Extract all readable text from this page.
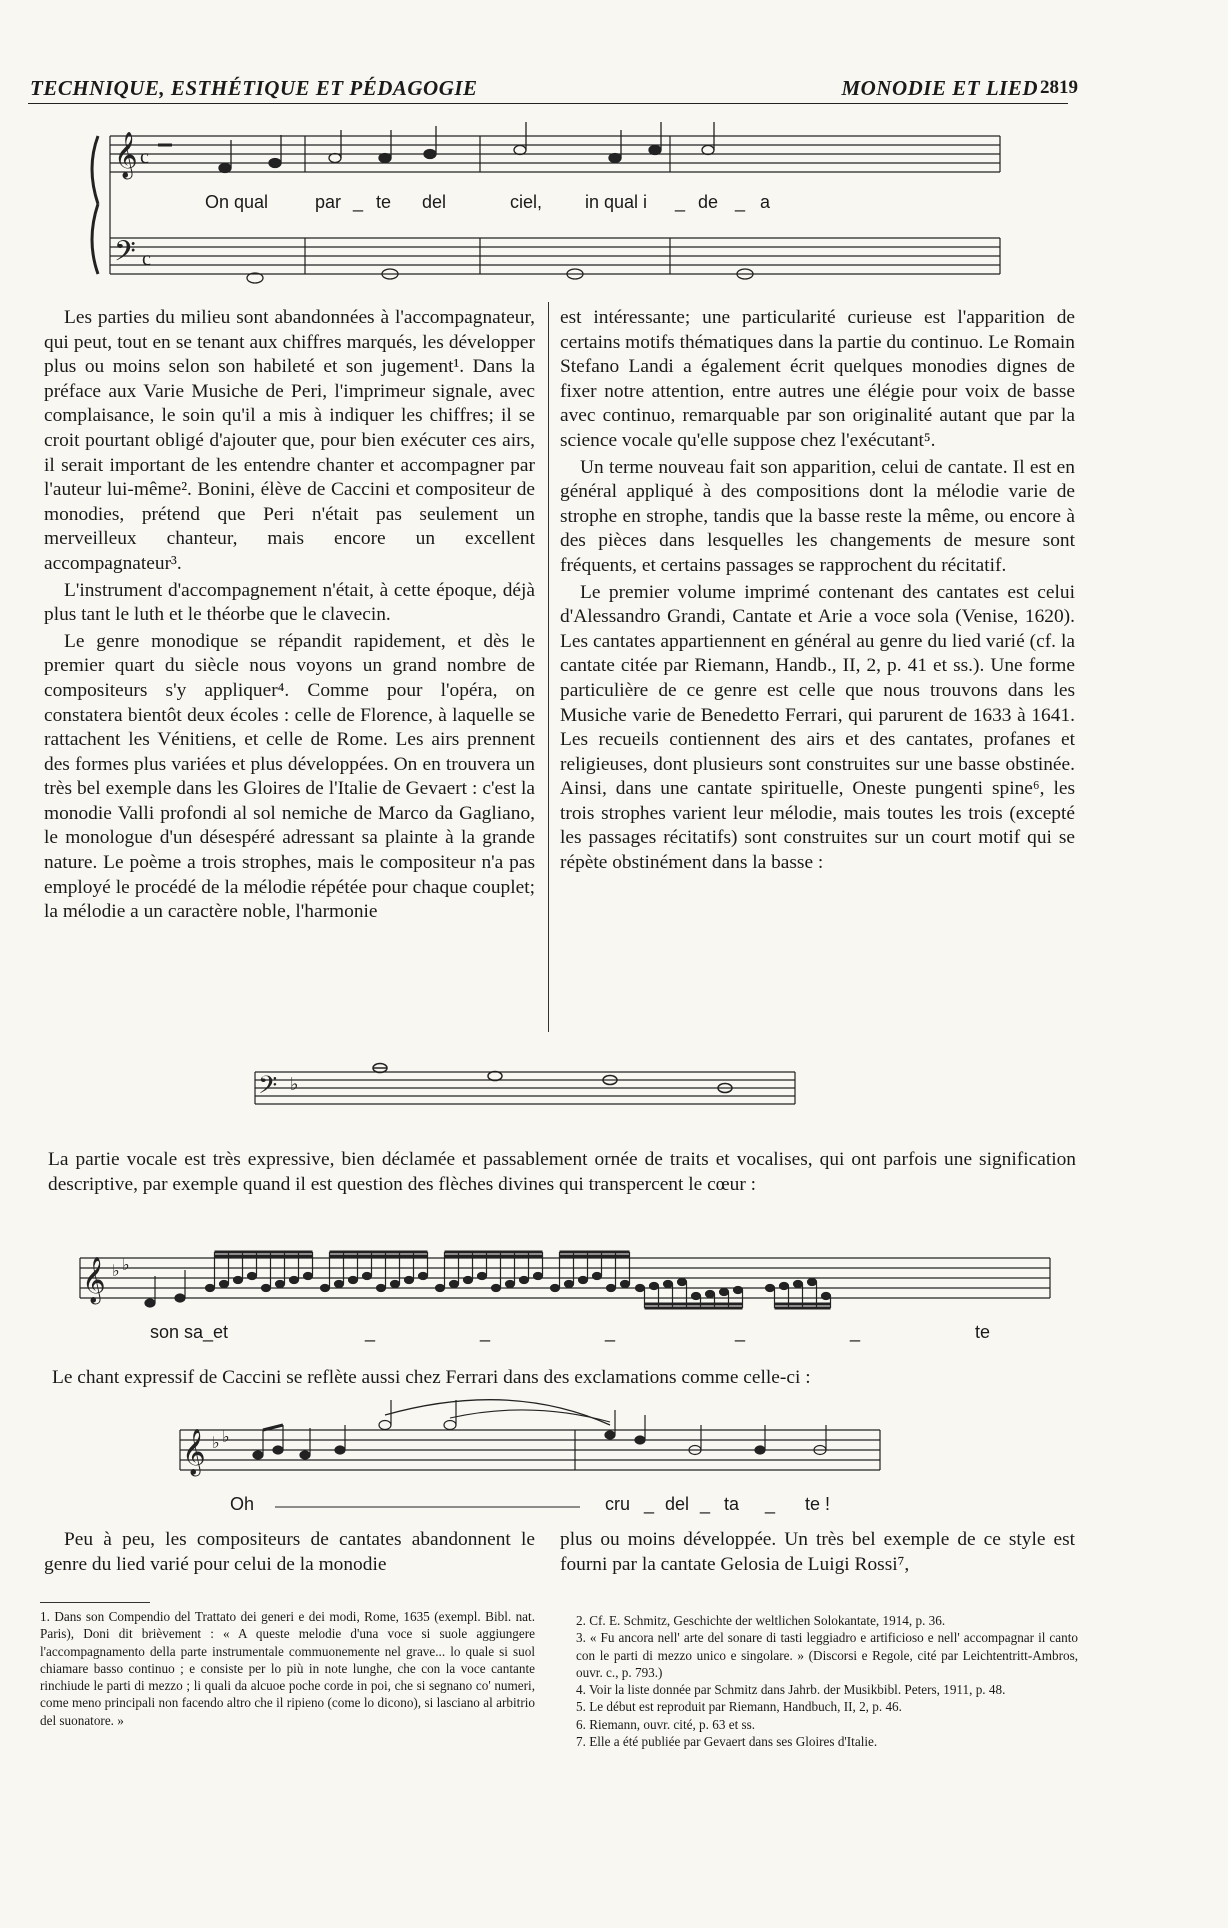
TECHNIQUE, ESTHÉTIQUE ET PÉDAGOGIE	MONODIE ET LIED 2819
𝄞 c
𝄢 c
On qual	par _ te del	ciel, in qual i _ de _ a

Les parties du milieu sont abandonnées à l'accompagnateur, qui peut, tout en se tenant aux chiffres marqués, les développer plus ou moins selon son habileté et son jugement¹. Dans la préface aux Varie Musiche de Peri, l'imprimeur signale, avec complaisance, le soin qu'il a mis à indiquer les chiffres; il se croit pourtant obligé d'ajouter que, pour bien exécuter ces airs, il serait important de les entendre chanter et accompagner par l'auteur lui-même². Bonini, élève de Caccini et compositeur de monodies, prétend que Peri n'était pas seulement un merveilleux chanteur, mais encore un excellent accompagnateur³.

L'instrument d'accompagnement n'était, à cette époque, déjà plus tant le luth et le théorbe que le clavecin.

Le genre monodique se répandit rapidement, et dès le premier quart du siècle nous voyons un grand nombre de compositeurs s'y appliquer⁴. Comme pour l'opéra, on constatera bientôt deux écoles : celle de Florence, à laquelle se rattachent les Vénitiens, et celle de Rome. Les airs prennent des formes plus variées et plus développées. On en trouvera un très bel exemple dans les Gloires de l'Italie de Gevaert : c'est la monodie Valli profondi al sol nemiche de Marco da Gagliano, le monologue d'un désespéré adressant sa plainte à la grande nature. Le poème a trois strophes, mais le compositeur n'a pas employé le procédé de la mélodie répétée pour chaque couplet; la mélodie a un caractère noble, l'harmonie

est intéressante; une particularité curieuse est l'apparition de certains motifs thématiques dans la partie du continuo. Le Romain Stefano Landi a également écrit quelques monodies dignes de fixer notre attention, entre autres une élégie pour voix de basse avec continuo, remarquable par son originalité autant que par la science vocale qu'elle suppose chez l'exécutant⁵.

Un terme nouveau fait son apparition, celui de cantate. Il est en général appliqué à des compositions dont la mélodie varie de strophe en strophe, tandis que la basse reste la même, ou encore à des pièces dans lesquelles les changements de mesure sont fréquents, et certains passages se rapprochent du récitatif.

Le premier volume imprimé contenant des cantates est celui d'Alessandro Grandi, Cantate et Arie a voce sola (Venise, 1620). Les cantates appartiennent en général au genre du lied varié (cf. la cantate citée par Riemann, Handb., II, 2, p. 41 et ss.). Une forme particulière de ce genre est celle que nous trouvons dans les Musiche varie de Benedetto Ferrari, qui parurent de 1633 à 1641. Les recueils contiennent des airs et des cantates, profanes et religieuses, dont plusieurs sont construites sur une basse obstinée. Ainsi, dans une cantate spirituelle, Oneste pungenti spine⁶, les trois strophes varient leur mélodie, mais toutes les trois (excepté les passages récitatifs) sont construites sur un court motif qui se répète obstinément dans la basse :

𝄢 ♭

La partie vocale est très expressive, bien déclamée et passablement ornée de traits et vocalises, qui ont parfois une signification descriptive, par exemple quand il est question des flèches divines qui transpercent le cœur :

𝄞 ♭ ♭
son sa_et	_	_	_	_	_	te

Le chant expressif de Caccini se reflète aussi chez Ferrari dans des exclamations comme celle-ci :

𝄞 ♭ ♭
Oh	cru _ del _ ta _ te !

Peu à peu, les compositeurs de cantates abandonnent le genre du lied varié pour celui de la monodie

plus ou moins développée. Un très bel exemple de ce style est fourni par la cantate Gelosia de Luigi Rossi⁷,

1. Dans son Compendio del Trattato dei generi e dei modi, Rome, 1635 (exempl. Bibl. nat. Paris), Doni dit brièvement : « A queste melodie d'una voce si suole aggiungere l'accompagnamento della parte instrumentale commuonemente nel grave... lo quale si suol chiamare basso continuo ; e consiste per lo più in note lunghe, che con la voce cantante rinchiude le parti di mezzo ; li quali da alcuoe poche corde in poi, che si segnano co' numeri, come meno principali non facendo altro che il ripieno (come lo dicono), si lasciano al arbitrio del suonatore. »

2. Cf. E. Schmitz, Geschichte der weltlichen Solokantate, 1914, p. 36.

3. « Fu ancora nell' arte del sonare di tasti leggiadro e artificioso e nell' accompagnar il canto con le parti di mezzo unico e singolare. » (Discorsi e Regole, cité par Leichtentritt-Ambros, ouvr. c., p. 793.)

4. Voir la liste donnée par Schmitz dans Jahrb. der Musikbibl. Peters, 1911, p. 48.

5. Le début est reproduit par Riemann, Handbuch, II, 2, p. 46.

6. Riemann, ouvr. cité, p. 63 et ss.

7. Elle a été publiée par Gevaert dans ses Gloires d'Italie.
